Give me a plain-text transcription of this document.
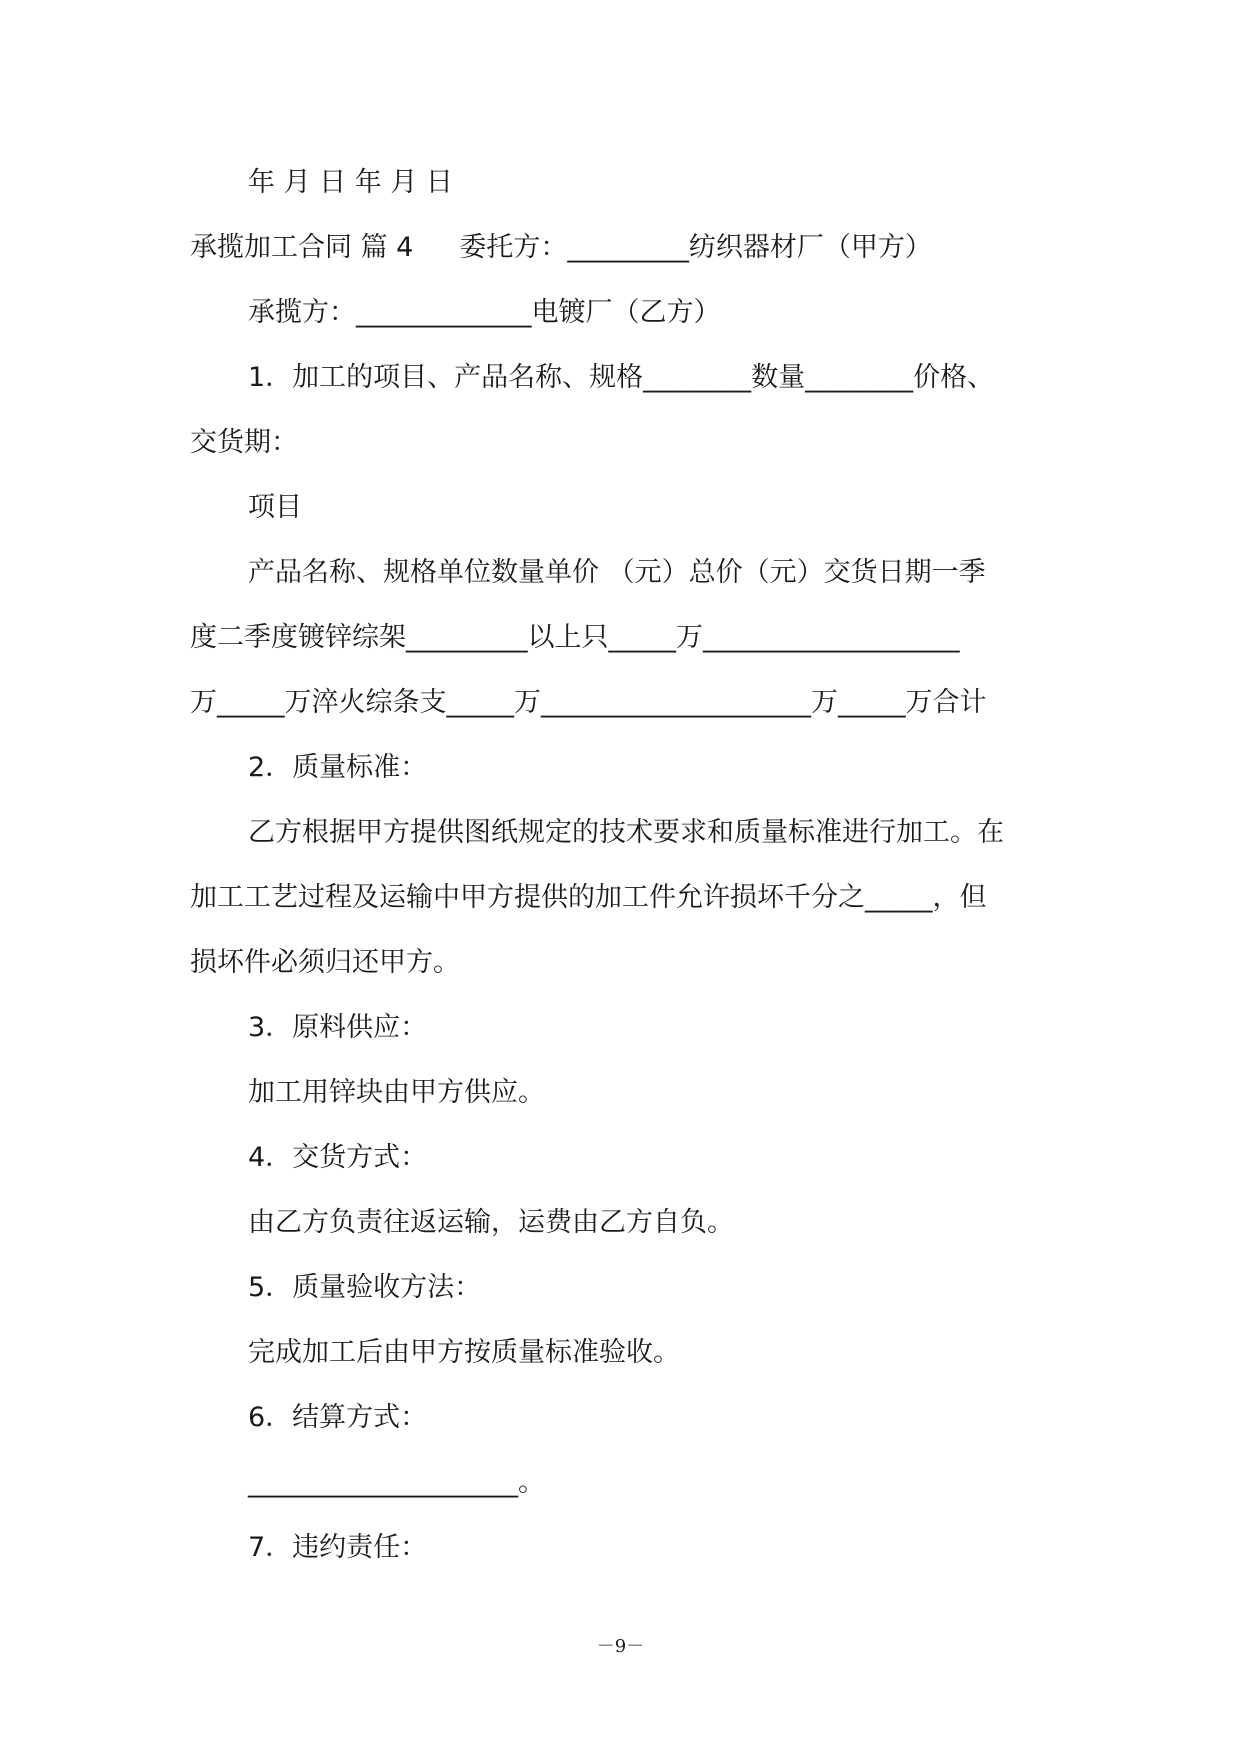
年 月 日 年 月 日
承揽加工合同 篇 4 委托方：_________纺织器材厂（甲方）
承揽方：_____________电镀厂（乙方）
1．加工的项目、产品名称、规格________数量________价格、
交货期：
项目
产品名称、规格单位数量单价 （元）总价（元）交货日期一季
度二季度镀锌综架_________以上只_____万___________________
万_____万淬火综条支_____万____________________万_____万合计
2．质量标准：
乙方根据甲方提供图纸规定的技术要求和质量标准进行加工。在
加工工艺过程及运输中甲方提供的加工件允许损坏千分之_____，但
损坏件必须归还甲方。
3．原料供应：
加工用锌块由甲方供应。
4．交货方式：
由乙方负责往返运输，运费由乙方自负。
5．质量验收方法：
完成加工后由甲方按质量标准验收。
6．结算方式：
____________________。
7．违约责任：
－9－
